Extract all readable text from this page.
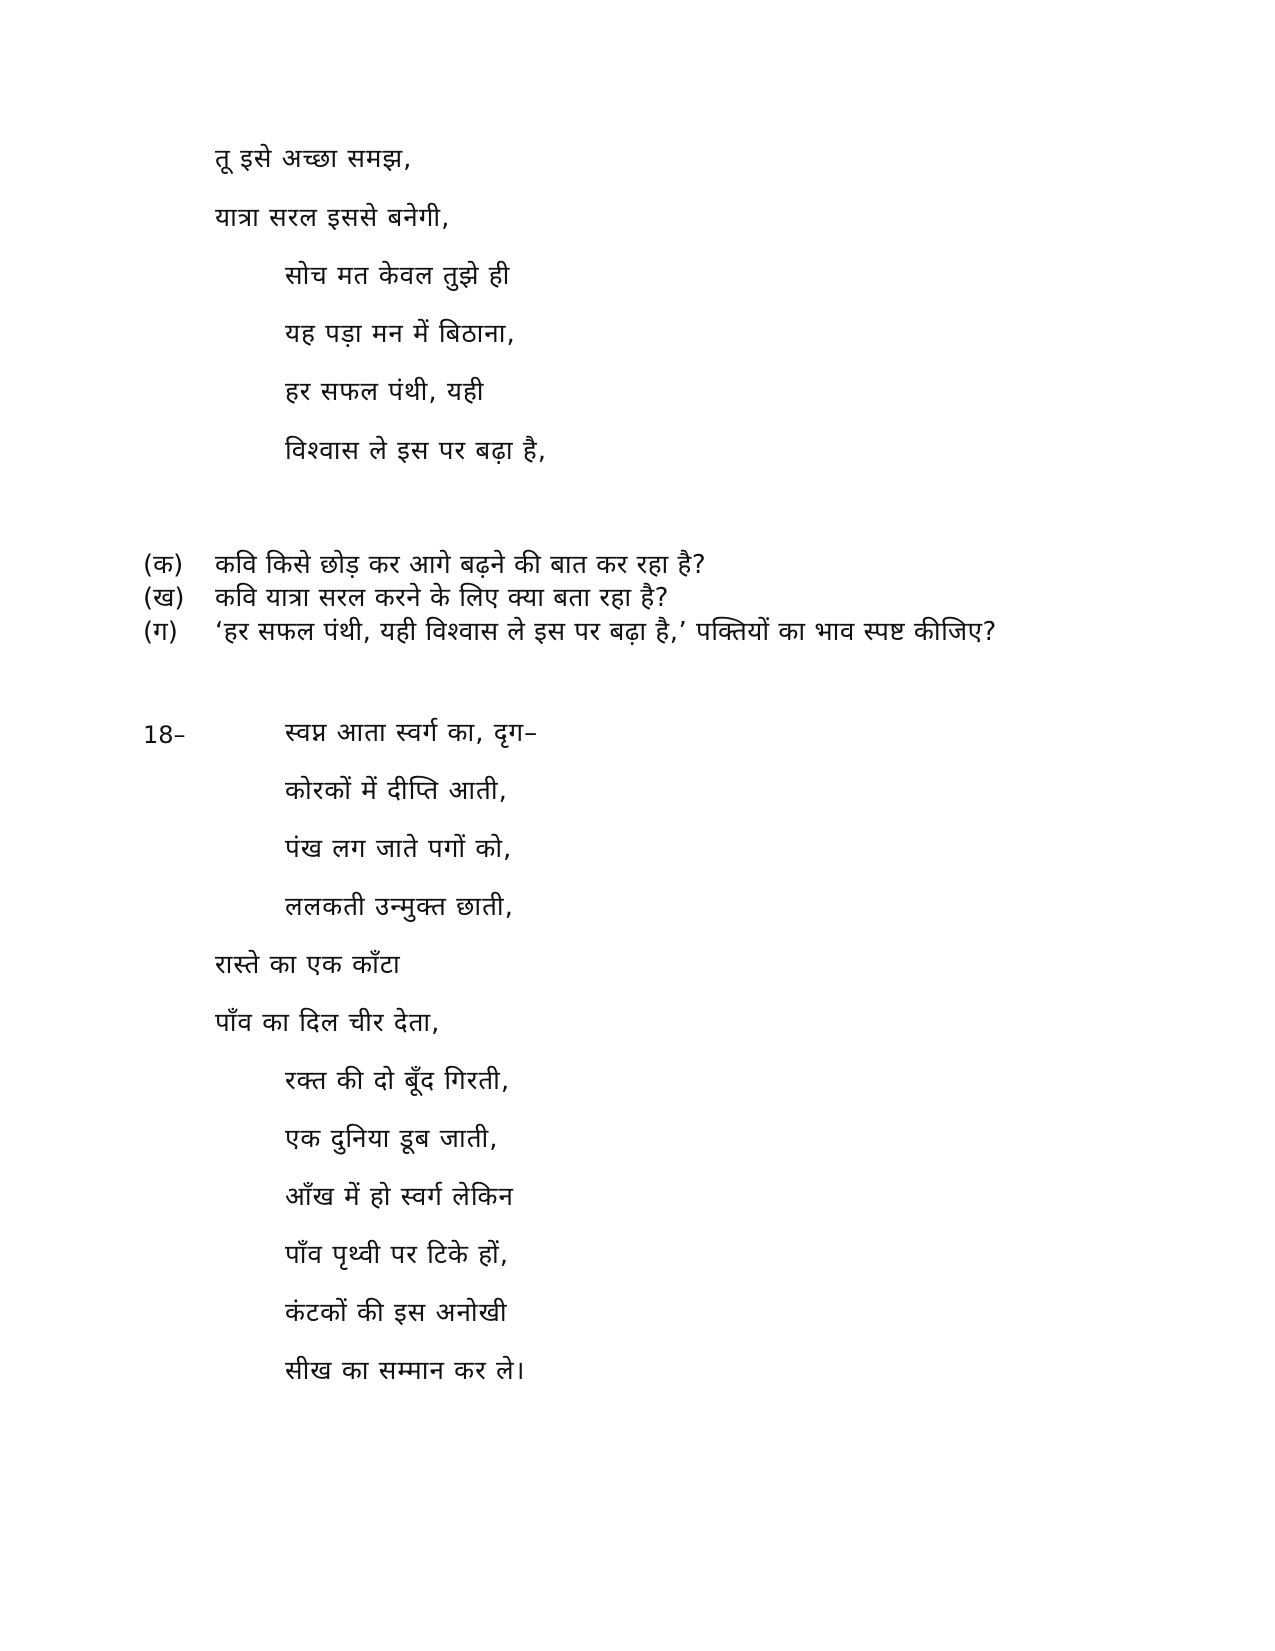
तू इसे अच्छा समझ,
यात्रा सरल इससे बनेगी,
सोच मत केवल तुझे ही
यह पड़ा मन में बिठाना,
हर सफल पंथी, यही
विश्वास ले इस पर बढ़ा है,
(क) कवि किसे छोड़ कर आगे बढ़ने की बात कर रहा है?
(ख) कवि यात्रा सरल करने के लिए क्या बता रहा है?
(ग) ‘हर सफल पंथी, यही विश्वास ले इस पर बढ़ा है,’ पक्तियों का भाव स्पष्ट कीजिए?
18–	स्वप्न आता स्वर्ग का, दृग–
कोरकों में दीप्ति आती,
पंख लग जाते पगों को,
ललकती उन्मुक्त छाती,
रास्ते का एक काँटा
पाँव का दिल चीर देता,
रक्त की दो बूँद गिरती,
एक दुनिया डूब जाती,
आँख में हो स्वर्ग लेकिन
पाँव पृथ्वी पर टिके हों,
कंटकों की इस अनोखी
सीख का सम्मान कर ले।
